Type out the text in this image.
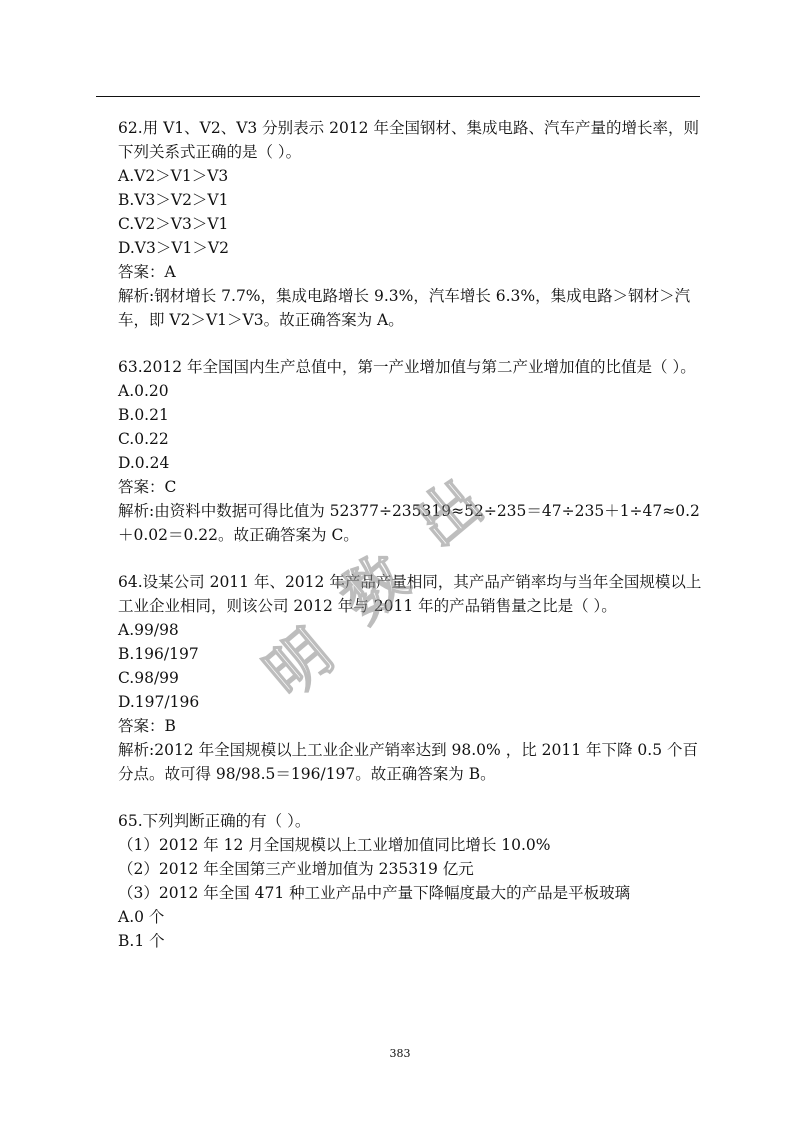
62.用 V1、V2、V3 分别表示 2012 年全国钢材、集成电路、汽车产量的增长率，则下列关系式正确的是（ ）。
A.V2＞V1＞V3
B.V3＞V2＞V1
C.V2＞V3＞V1
D.V3＞V1＞V2
答案：A
解析:钢材增长 7.7%，集成电路增长 9.3%，汽车增长 6.3%，集成电路＞钢材＞汽车，即 V2＞V1＞V3。故正确答案为 A。
63.2012 年全国国内生产总值中，第一产业增加值与第二产业增加值的比值是（ ）。
A.0.20
B.0.21
C.0.22
D.0.24
答案：C
解析:由资料中数据可得比值为 52377÷235319≈52÷235＝47÷235＋1÷47≈0.2＋0.02＝0.22。故正确答案为 C。
64.设某公司 2011 年、2012 年产品产量相同，其产品产销率均与当年全国规模以上工业企业相同，则该公司 2012 年与 2011 年的产品销售量之比是（ ）。
A.99/98
B.196/197
C.98/99
D.197/196
答案：B
解析:2012 年全国规模以上工业企业产销率达到 98.0% ，比 2011 年下降 0.5 个百分点。故可得 98/98.5＝196/197。故正确答案为 B。
65.下列判断正确的有（ ）。
（1）2012 年 12 月全国规模以上工业增加值同比增长 10.0%
（2）2012 年全国第三产业增加值为 235319 亿元
（3）2012 年全国 471 种工业产品中产量下降幅度最大的产品是平板玻璃
A.0 个
B.1 个
明
数
出
383
